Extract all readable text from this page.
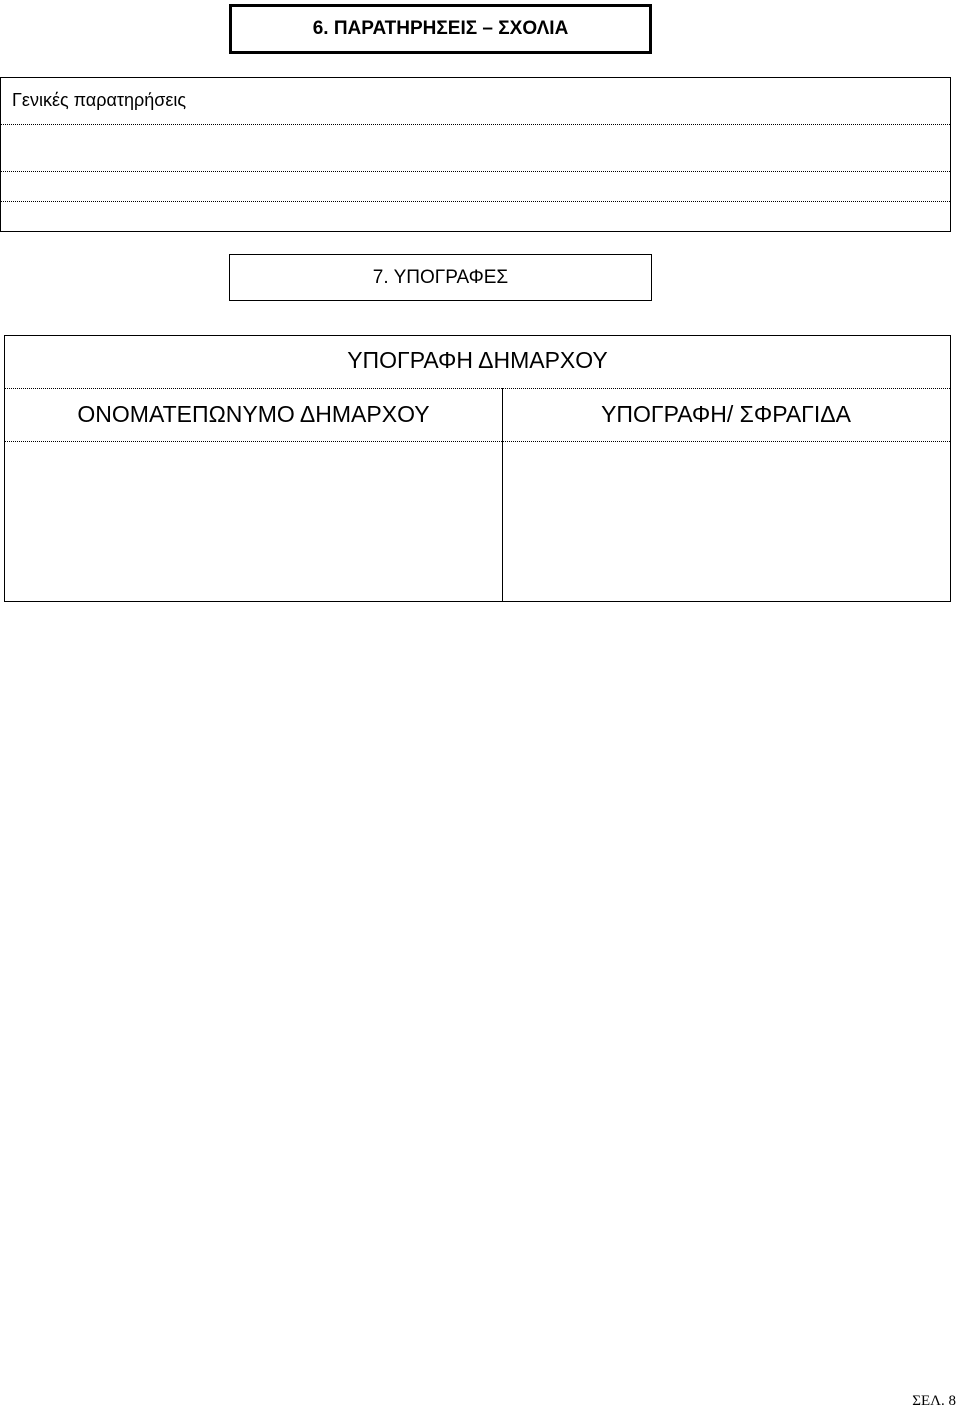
6. ΠΑΡΑΤΗΡΗΣΕΙΣ – ΣΧΟΛΙΑ
Γενικές παρατηρήσεις
7. ΥΠΟΓΡΑΦΕΣ
ΥΠΟΓΡΑΦΗ ΔΗΜΑΡΧΟΥ
ΟΝΟΜΑΤΕΠΩΝΥΜΟ ΔΗΜΑΡΧΟΥ	ΥΠΟΓΡΑΦΗ/ ΣΦΡΑΓΙΔΑ
ΣΕΛ. 8
